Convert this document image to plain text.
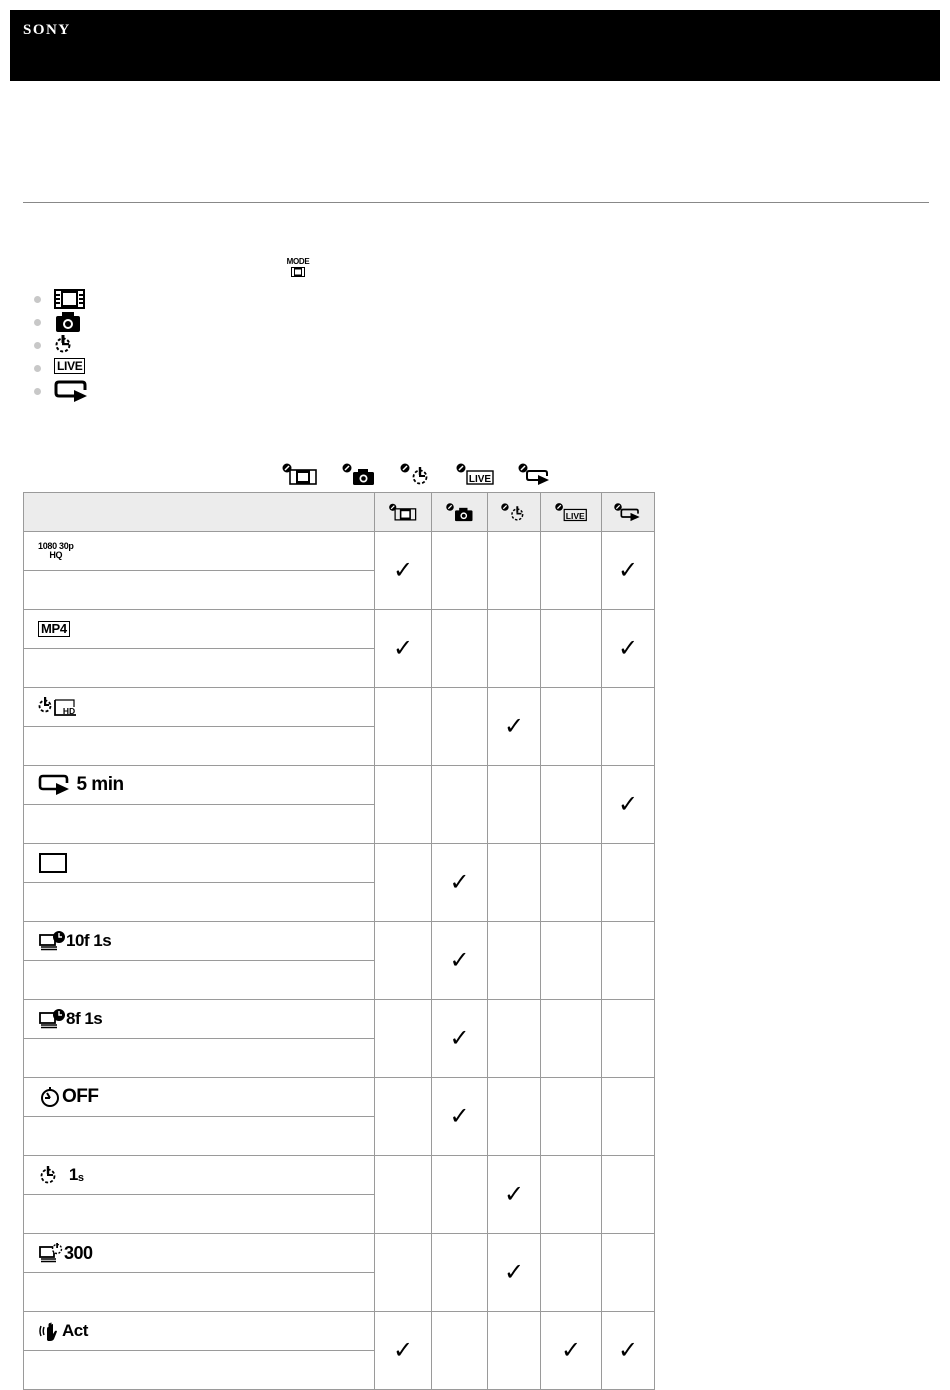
SONY
MODE
LIVE
LIVE

LIVE

1080 30p
HQ	✓				✓

MP4	✓				✓

HD			✓		

5 min					✓

		✓			

10f 1s		✓			

8f 1s		✓			

OFF		✓			

1s			✓		

300			✓		

Act	✓			✓	✓
